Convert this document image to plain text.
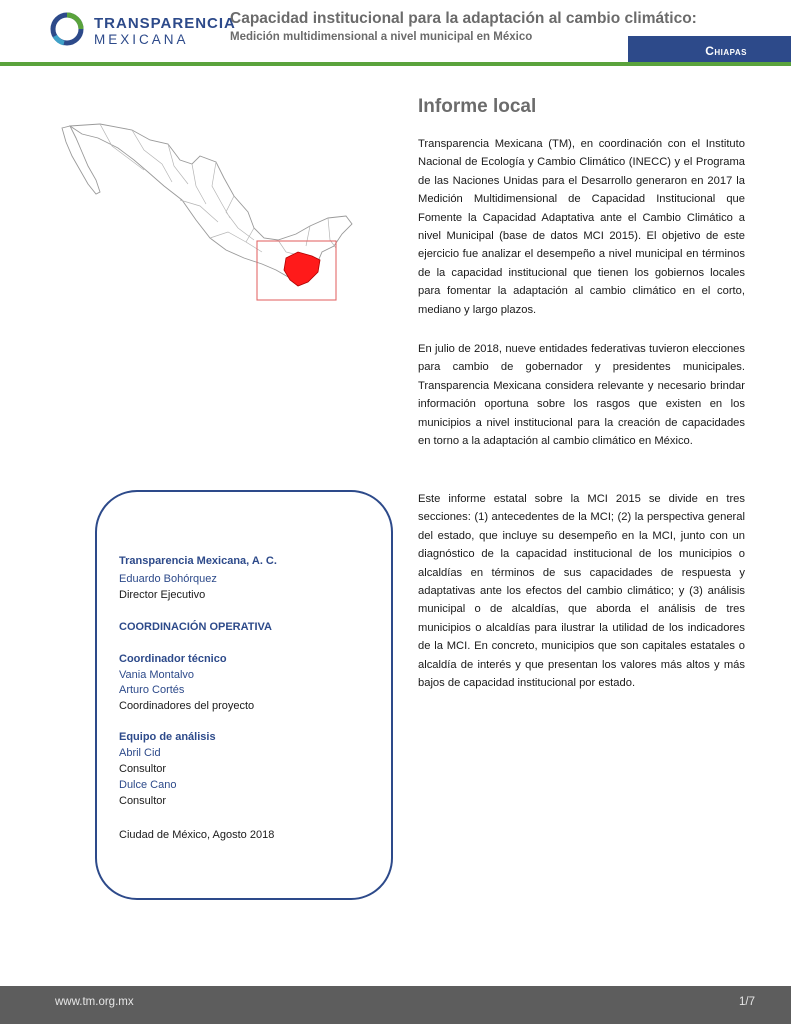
TRANSPARENCIA
MEXICANA
Capacidad institucional para la adaptación al cambio climático:
Medición multidimensional a nivel municipal en México
Chiapas
Informe local
Transparencia Mexicana (TM), en coordinación con el Instituto Nacional de Ecología y Cambio Climático (INECC) y el Programa de las Naciones Unidas para el Desarrollo generaron en 2017 la Medición Multidimensional de Capacidad Institucional que Fomente la Capacidad Adaptativa ante el Cambio Climático a nivel Municipal (base de datos MCI 2015). El objetivo de este ejercicio fue analizar el desempeño a nivel municipal en términos de la capacidad institucional que tienen los gobiernos locales para fomentar la adaptación al cambio climático en el corto, mediano y largo plazos.
En julio de 2018, nueve entidades federativas tuvieron elecciones para cambio de gobernador y presidentes municipales. Transparencia Mexicana considera relevante y necesario brindar información oportuna sobre los rasgos que existen en los municipios a nivel institucional para la creación de capacidades en torno a la adaptación al cambio climático en México.
Este informe estatal sobre la MCI 2015 se divide en tres secciones: (1) antecedentes de la MCI; (2) la perspectiva general del estado, que incluye su desempeño en la MCI, junto con un diagnóstico de la capacidad institucional de los municipios o alcaldías en términos de sus capacidades de respuesta y adaptativas ante los efectos del cambio climático; y (3) análisis municipal o de alcaldías, que aborda el análisis de tres municipios o alcaldías para ilustrar la utilidad de los indicadores de la MCI. En concreto, municipios que son capitales estatales o alcaldía de interés y que presentan los valores más altos y más bajos de capacidad institucional por estado.
Transparencia Mexicana, A. C.
Eduardo Bohórquez
Director Ejecutivo
COORDINACIÓN OPERATIVA
Coordinador técnico
Vania Montalvo
Arturo Cortés
Coordinadores del proyecto
Equipo de análisis
Abril Cid
Consultor
Dulce Cano
Consultor
Ciudad de México, Agosto 2018
www.tm.org.mx	1/7
